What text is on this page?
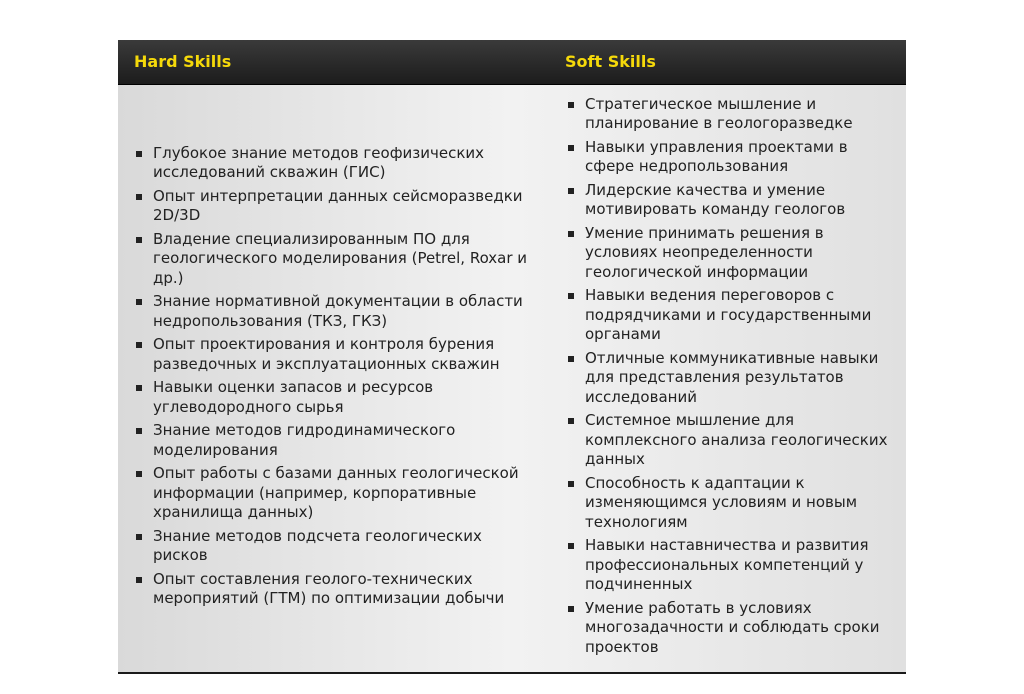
Hard Skills	Soft Skills
Глубокое знание методов геофизических исследований скважин (ГИС)
Опыт интерпретации данных сейсморазведки 2D/3D
Владение специализированным ПО для геологического моделирования (Petrel, Roxar и др.)
Знание нормативной документации в области недропользования (ТКЗ, ГКЗ)
Опыт проектирования и контроля бурения разведочных и эксплуатационных скважин
Навыки оценки запасов и ресурсов углеводородного сырья
Знание методов гидродинамического моделирования
Опыт работы с базами данных геологической информации (например, корпоративные хранилища данных)
Знание методов подсчета геологических рисков
Опыт составления геолого-технических мероприятий (ГТМ) по оптимизации добычи
Стратегическое мышление и планирование в геологоразведке
Навыки управления проектами в сфере недропользования
Лидерские качества и умение мотивировать команду геологов
Умение принимать решения в условиях неопределенности геологической информации
Навыки ведения переговоров с подрядчиками и государственными органами
Отличные коммуникативные навыки для представления результатов исследований
Системное мышление для комплексного анализа геологических данных
Способность к адаптации к изменяющимся условиям и новым технологиям
Навыки наставничества и развития профессиональных компетенций у подчиненных
Умение работать в условиях многозадачности и соблюдать сроки проектов
